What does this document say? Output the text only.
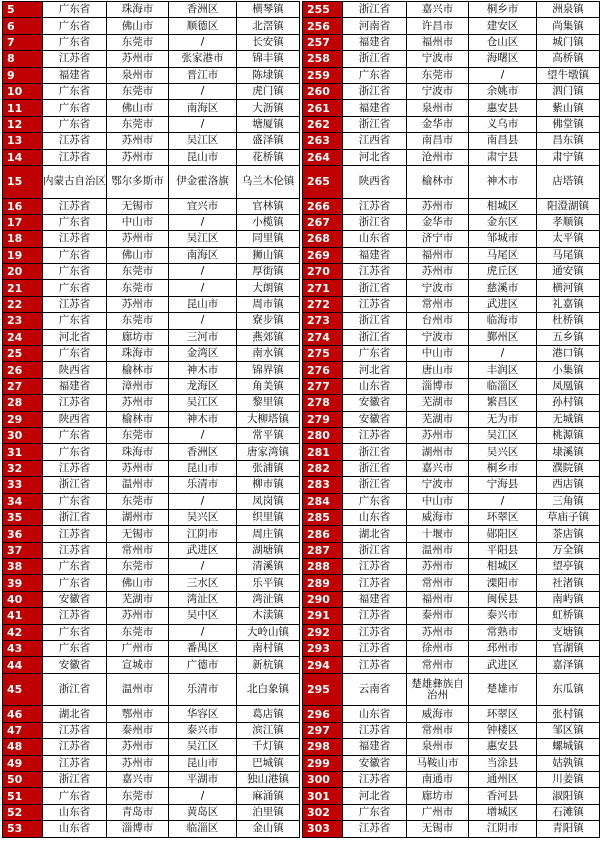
5	广东省	珠海市	香洲区	横琴镇
6	广东省	佛山市	顺德区	北滘镇
7	广东省	东莞市	/	长安镇
8	江苏省	苏州市	张家港市	锦丰镇
9	福建省	泉州市	晋江市	陈埭镇
10	广东省	东莞市	/	虎门镇
11	广东省	佛山市	南海区	大沥镇
12	广东省	东莞市	/	塘厦镇
13	江苏省	苏州市	吴江区	盛泽镇
14	江苏省	苏州市	昆山市	花桥镇
15	内蒙古自治区	鄂尔多斯市	伊金霍洛旗	乌兰木伦镇
16	江苏省	无锡市	宜兴市	官林镇
17	广东省	中山市	/	小榄镇
18	江苏省	苏州市	吴江区	同里镇
19	广东省	佛山市	南海区	狮山镇
20	广东省	东莞市	/	厚街镇
21	广东省	东莞市	/	大朗镇
22	江苏省	苏州市	昆山市	周市镇
23	广东省	东莞市	/	寮步镇
24	河北省	廊坊市	三河市	燕郊镇
25	广东省	珠海市	金湾区	南水镇
26	陕西省	榆林市	神木市	锦界镇
27	福建省	漳州市	龙海区	角美镇
28	江苏省	苏州市	吴江区	黎里镇
29	陕西省	榆林市	神木市	大柳塔镇
30	广东省	东莞市	/	常平镇
31	广东省	珠海市	香洲区	唐家湾镇
32	江苏省	苏州市	昆山市	张浦镇
33	浙江省	温州市	乐清市	柳市镇
34	广东省	东莞市	/	凤岗镇
35	浙江省	湖州市	吴兴区	织里镇
36	江苏省	无锡市	江阴市	周庄镇
37	江苏省	常州市	武进区	湖塘镇
38	广东省	东莞市	/	清溪镇
39	广东省	佛山市	三水区	乐平镇
40	安徽省	芜湖市	湾沚区	湾沚镇
41	江苏省	苏州市	吴中区	木渎镇
42	广东省	东莞市	/	大岭山镇
43	广东省	广州市	番禺区	南村镇
44	安徽省	宣城市	广德市	新杭镇
45	浙江省	温州市	乐清市	北白象镇
46	湖北省	鄂州市	华容区	葛店镇
47	江苏省	泰州市	泰兴市	滨江镇
48	江苏省	苏州市	吴江区	千灯镇
49	江苏省	苏州市	昆山市	巴城镇
50	浙江省	嘉兴市	平湖市	独山港镇
51	广东省	东莞市	/	麻涌镇
52	山东省	青岛市	黄岛区	泊里镇
53	山东省	淄博市	临淄区	金山镇
255	浙江省	嘉兴市	桐乡市	洲泉镇
256	河南省	许昌市	建安区	尚集镇
257	福建省	福州市	仓山区	城门镇
258	浙江省	宁波市	海曙区	高桥镇
259	广东省	东莞市	/	望牛墩镇
260	浙江省	宁波市	余姚市	泗门镇
261	福建省	泉州市	惠安县	紫山镇
262	浙江省	金华市	义乌市	佛堂镇
263	江西省	南昌市	南昌县	昌东镇
264	河北省	沧州市	肃宁县	肃宁镇
265	陕西省	榆林市	神木市	店塔镇
266	江苏省	苏州市	相城区	阳澄湖镇
267	浙江省	金华市	金东区	孝顺镇
268	山东省	济宁市	邹城市	太平镇
269	福建省	福州市	马尾区	马尾镇
270	江苏省	苏州市	虎丘区	通安镇
271	浙江省	宁波市	慈溪市	横河镇
272	江苏省	常州市	武进区	礼嘉镇
273	浙江省	台州市	临海市	杜桥镇
274	浙江省	宁波市	鄞州区	五乡镇
275	广东省	中山市	/	港口镇
276	河北省	唐山市	丰润区	小集镇
277	山东省	淄博市	临淄区	凤凰镇
278	安徽省	芜湖市	繁昌区	孙村镇
279	安徽省	芜湖市	无为市	无城镇
280	江苏省	苏州市	吴江区	桃源镇
281	浙江省	湖州市	吴兴区	埭溪镇
282	浙江省	嘉兴市	桐乡市	濮院镇
283	浙江省	宁波市	宁海县	西店镇
284	广东省	中山市	/	三角镇
285	山东省	威海市	环翠区	草庙子镇
286	湖北省	十堰市	郧阳区	茶店镇
287	浙江省	温州市	平阳县	万全镇
288	江苏省	苏州市	相城区	望亭镇
289	江苏省	常州市	溧阳市	社渚镇
290	福建省	福州市	闽侯县	南屿镇
291	江苏省	泰州市	泰兴市	虹桥镇
292	江苏省	苏州市	常熟市	支塘镇
293	江苏省	徐州市	邳州市	官湖镇
294	江苏省	常州市	武进区	嘉泽镇
295	云南省	楚雄彝族自治州	楚雄市	东瓜镇
296	山东省	威海市	环翠区	张村镇
297	江苏省	常州市	钟楼区	邹区镇
298	福建省	泉州市	惠安县	螺城镇
299	安徽省	马鞍山市	当涂县	姑孰镇
300	江苏省	南通市	通州区	川姜镇
301	河北省	廊坊市	香河县	淑阳镇
302	广东省	广州市	增城区	石滩镇
303	江苏省	无锡市	江阴市	青阳镇
